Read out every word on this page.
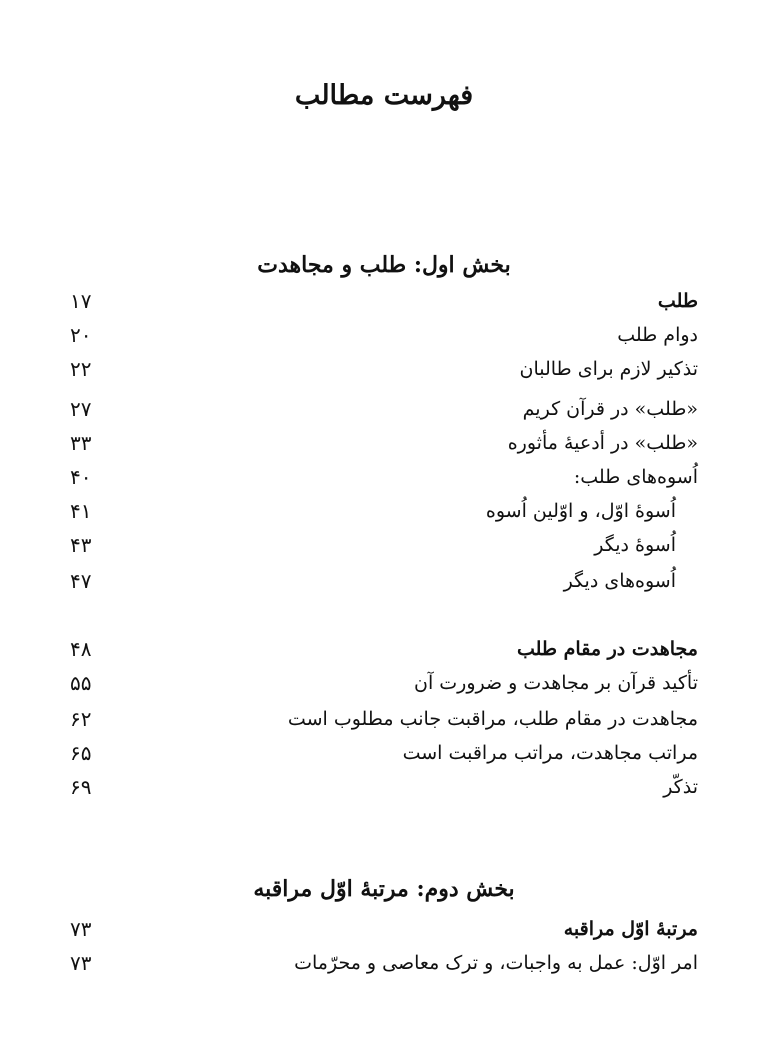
فهرست مطالب
بخش اول: طلب و مجاهدت
طلب
۱۷
دوام طلب
۲۰
تذکیر لازم برای طالبان
۲۲
«طلب» در قرآن کریم
۲۷
«طلب» در أدعیهٔ مأثوره
۳۳
اُسوه‌های طلب:
۴۰
اُسوهٔ اوّل، و اوّلین اُسوه
۴۱
اُسوهٔ دیگر
۴۳
اُسوه‌های دیگر
۴۷
مجاهدت در مقام طلب
۴۸
تأکید قرآن بر مجاهدت و ضرورت آن
۵۵
مجاهدت در مقام طلب، مراقبت جانب مطلوب است
۶۲
مراتب مجاهدت، مراتب مراقبت است
۶۵
تذکّر
۶۹
بخش دوم: مرتبهٔ اوّل مراقبه
مرتبهٔ اوّل مراقبه
۷۳
امر اوّل: عمل به واجبات، و ترک معاصی و محرّمات
۷۳
